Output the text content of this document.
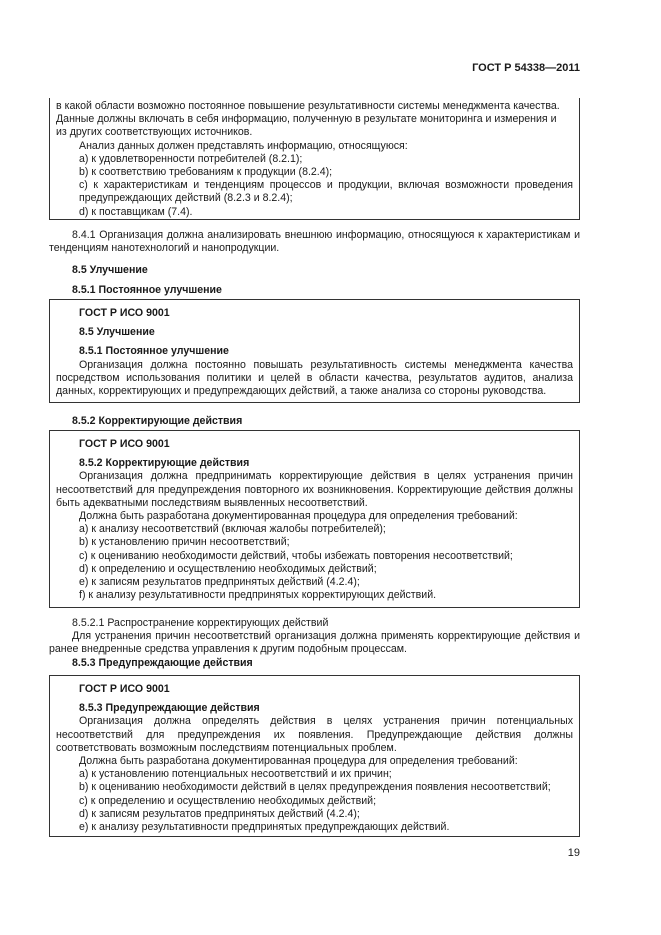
ГОСТ Р 54338—2011

в какой области возможно постоянное повышение результативности системы менеджмента качества.

Данные должны включать в себя информацию, полученную в результате мониторинга и измерения и

из других соответствующих источников.

Анализ данных должен представлять информацию, относящуюся:

a) к удовлетворенности потребителей (8.2.1);
b) к соответствию требованиям к продукции (8.2.4);
c) к характеристикам и тенденциям процессов и продукции, включая возможности проведения предупреждающих действий (8.2.3 и 8.2.4);
d) к поставщикам (7.4).

8.4.1 Организация должна анализировать внешнюю информацию, относящуюся к характеристикам и тенденциям нанотехнологий и нанопродукции.

8.5 Улучшение

8.5.1 Постоянное улучшение

ГОСТ Р ИСО 9001

8.5 Улучшение

8.5.1 Постоянное улучшение

Организация должна постоянно повышать результативность системы менеджмента качества посредством использования политики и целей в области качества, результатов аудитов, анализа данных, корректирующих и предупреждающих действий, а также анализа со стороны руководства.

8.5.2 Корректирующие действия

ГОСТ Р ИСО 9001

8.5.2 Корректирующие действия

Организация должна предпринимать корректирующие действия в целях устранения причин несоответствий для предупреждения повторного их возникновения. Корректирующие действия должны быть адекватными последствиям выявленных несоответствий.

Должна быть разработана документированная процедура для определения требований:

a) к анализу несоответствий (включая жалобы потребителей);
b) к установлению причин несоответствий;
c) к оцениванию необходимости действий, чтобы избежать повторения несоответствий;
d) к определению и осуществлению необходимых действий;
e) к записям результатов предпринятых действий (4.2.4);
f) к анализу результативности предпринятых корректирующих действий.

8.5.2.1 Распространение корректирующих действий

Для устранения причин несоответствий организация должна применять корректирующие действия и ранее внедренные средства управления к другим подобным процессам.

8.5.3 Предупреждающие действия

ГОСТ Р ИСО 9001

8.5.3 Предупреждающие действия

Организация должна определять действия в целях устранения причин потенциальных несоответствий для предупреждения их появления. Предупреждающие действия должны соответствовать возможным последствиям потенциальных проблем.

Должна быть разработана документированная процедура для определения требований:

a) к установлению потенциальных несоответствий и их причин;
b) к оцениванию необходимости действий в целях предупреждения появления несоответствий;
c) к определению и осуществлению необходимых действий;
d) к записям результатов предпринятых действий (4.2.4);
e) к анализу результативности предпринятых предупреждающих действий.
19
